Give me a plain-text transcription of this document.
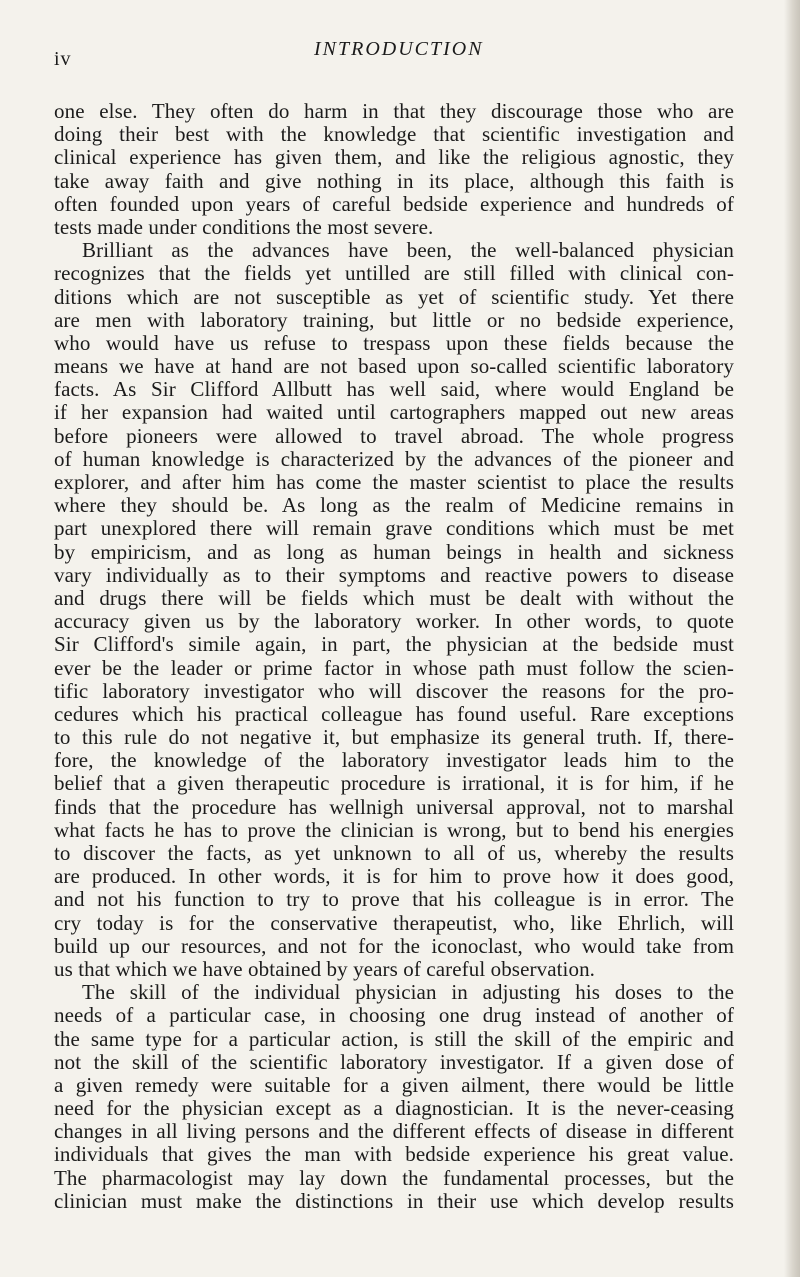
iv	INTRODUCTION
one else. They often do harm in that they discourage those who are
doing their best with the knowledge that scientific investigation and
clinical experience has given them, and like the religious agnostic, they
take away faith and give nothing in its place, although this faith is
often founded upon years of careful bedside experience and hundreds of
tests made under conditions the most severe.
Brilliant as the advances have been, the well-balanced physician
recognizes that the fields yet untilled are still filled with clinical con-
ditions which are not susceptible as yet of scientific study. Yet there
are men with laboratory training, but little or no bedside experience,
who would have us refuse to trespass upon these fields because the
means we have at hand are not based upon so-called scientific laboratory
facts. As Sir Clifford Allbutt has well said, where would England be
if her expansion had waited until cartographers mapped out new areas
before pioneers were allowed to travel abroad. The whole progress
of human knowledge is characterized by the advances of the pioneer and
explorer, and after him has come the master scientist to place the results
where they should be. As long as the realm of Medicine remains in
part unexplored there will remain grave conditions which must be met
by empiricism, and as long as human beings in health and sickness
vary individually as to their symptoms and reactive powers to disease
and drugs there will be fields which must be dealt with without the
accuracy given us by the laboratory worker. In other words, to quote
Sir Clifford's simile again, in part, the physician at the bedside must
ever be the leader or prime factor in whose path must follow the scien-
tific laboratory investigator who will discover the reasons for the pro-
cedures which his practical colleague has found useful. Rare exceptions
to this rule do not negative it, but emphasize its general truth. If, there-
fore, the knowledge of the laboratory investigator leads him to the
belief that a given therapeutic procedure is irrational, it is for him, if he
finds that the procedure has wellnigh universal approval, not to marshal
what facts he has to prove the clinician is wrong, but to bend his energies
to discover the facts, as yet unknown to all of us, whereby the results
are produced. In other words, it is for him to prove how it does good,
and not his function to try to prove that his colleague is in error. The
cry today is for the conservative therapeutist, who, like Ehrlich, will
build up our resources, and not for the iconoclast, who would take from
us that which we have obtained by years of careful observation.
The skill of the individual physician in adjusting his doses to the
needs of a particular case, in choosing one drug instead of another of
the same type for a particular action, is still the skill of the empiric and
not the skill of the scientific laboratory investigator. If a given dose of
a given remedy were suitable for a given ailment, there would be little
need for the physician except as a diagnostician. It is the never-ceasing
changes in all living persons and the different effects of disease in different
individuals that gives the man with bedside experience his great value.
The pharmacologist may lay down the fundamental processes, but the
clinician must make the distinctions in their use which develop results
